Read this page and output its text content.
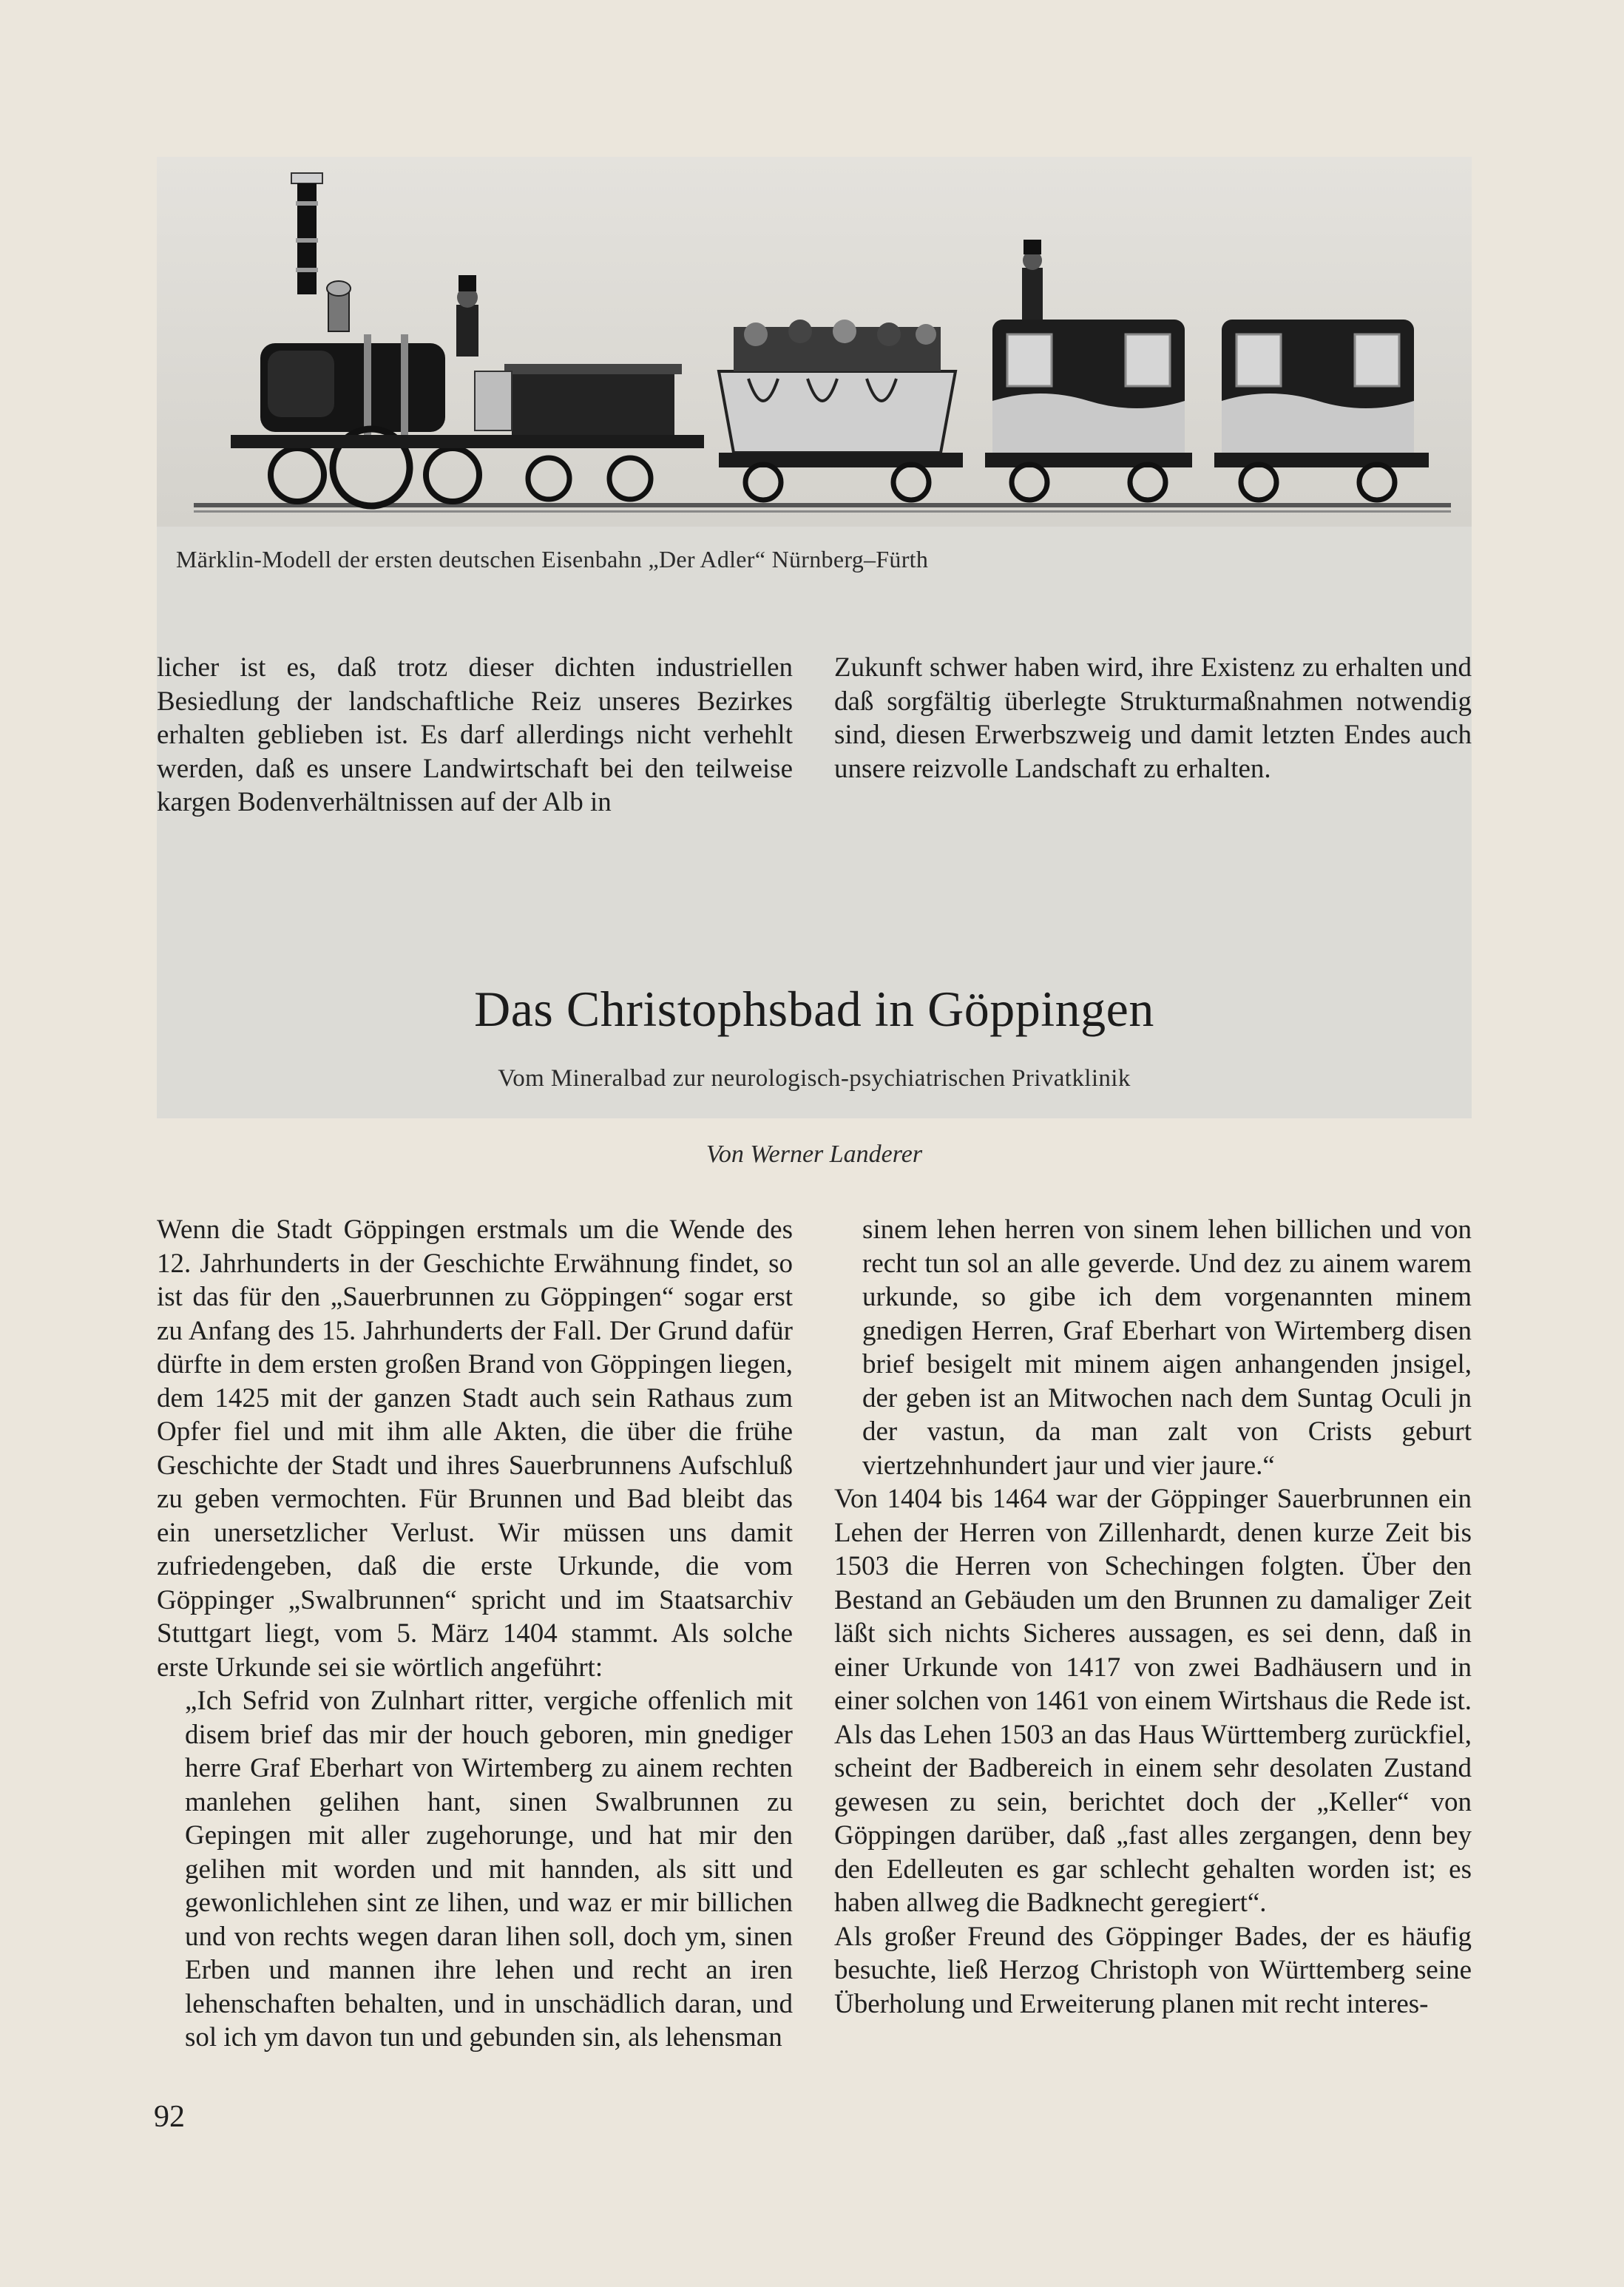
Märklin-Modell der ersten deutschen Eisenbahn „Der Adler“ Nürnberg–Fürth

licher ist es, daß trotz dieser dichten industriellen Besiedlung der landschaftliche Reiz unseres Bezirkes erhalten geblieben ist. Es darf allerdings nicht verhehlt werden, daß es unsere Landwirtschaft bei den teilweise kargen Bodenverhältnissen auf der Alb in

Zukunft schwer haben wird, ihre Existenz zu erhalten und daß sorgfältig überlegte Strukturmaßnahmen notwendig sind, diesen Erwerbszweig und damit letzten Endes auch unsere reizvolle Landschaft zu erhalten.

Das Christophsbad in Göppingen
Vom Mineralbad zur neurologisch-psychiatrischen Privatklinik
Von Werner Landerer

Wenn die Stadt Göppingen erstmals um die Wende des 12. Jahrhunderts in der Geschichte Erwähnung findet, so ist das für den „Sauerbrunnen zu Göppingen“ sogar erst zu Anfang des 15. Jahrhunderts der Fall. Der Grund dafür dürfte in dem ersten großen Brand von Göppingen liegen, dem 1425 mit der ganzen Stadt auch sein Rathaus zum Opfer fiel und mit ihm alle Akten, die über die frühe Geschichte der Stadt und ihres Sauerbrunnens Aufschluß zu geben vermochten. Für Brunnen und Bad bleibt das ein unersetzlicher Verlust. Wir müssen uns damit zufriedengeben, daß die erste Urkunde, die vom Göppinger „Swalbrunnen“ spricht und im Staatsarchiv Stuttgart liegt, vom 5. März 1404 stammt. Als solche erste Urkunde sei sie wörtlich angeführt:

„Ich Sefrid von Zulnhart ritter, vergiche offenlich mit disem brief das mir der houch geboren, min gnediger herre Graf Eberhart von Wirtemberg zu ainem rechten manlehen gelihen hant, sinen Swalbrunnen zu Gepingen mit aller zugehorunge, und hat mir den gelihen mit worden und mit hannden, als sitt und gewonlichlehen sint ze lihen, und waz er mir billichen und von rechts wegen daran lihen soll, doch ym, sinen Erben und mannen ihre lehen und recht an iren lehenschaften behalten, und in unschädlich daran, und sol ich ym davon tun und gebunden sin, als lehensman

sinem lehen herren von sinem lehen billichen und von recht tun sol an alle geverde. Und dez zu ainem warem urkunde, so gibe ich dem vorgenannten minem gnedigen Herren, Graf Eberhart von Wirtemberg disen brief besigelt mit minem aigen anhangenden jnsigel, der geben ist an Mitwochen nach dem Suntag Oculi jn der vastun, da man zalt von Crists geburt viertzehnhundert jaur und vier jaure.“

Von 1404 bis 1464 war der Göppinger Sauerbrunnen ein Lehen der Herren von Zillenhardt, denen kurze Zeit bis 1503 die Herren von Schechingen folgten. Über den Bestand an Gebäuden um den Brunnen zu damaliger Zeit läßt sich nichts Sicheres aussagen, es sei denn, daß in einer Urkunde von 1417 von zwei Badhäusern und in einer solchen von 1461 von einem Wirtshaus die Rede ist. Als das Lehen 1503 an das Haus Württemberg zurückfiel, scheint der Badbereich in einem sehr desolaten Zustand gewesen zu sein, berichtet doch der „Keller“ von Göppingen darüber, daß „fast alles zergangen, denn bey den Edelleuten es gar schlecht gehalten worden ist; es haben allweg die Badknecht geregiert“.

Als großer Freund des Göppinger Bades, der es häufig besuchte, ließ Herzog Christoph von Württemberg seine Überholung und Erweiterung planen mit recht interes-

92
